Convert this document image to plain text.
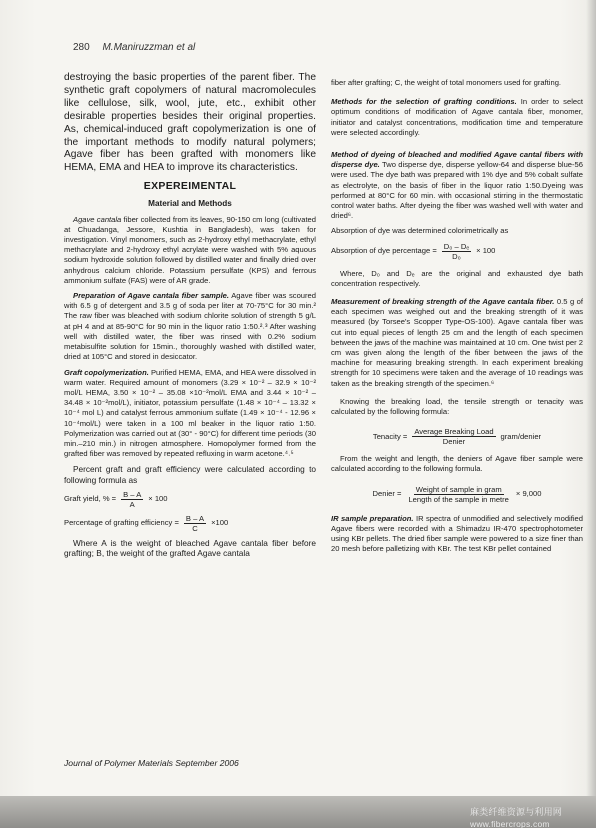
280 M.Maniruzzman et al
destroying the basic properties of the parent fiber. The synthetic graft copolymers of natural macromolecules like cellulose, silk, wool, jute, etc., exhibit other desirable properties besides their original properties. As, chemical-induced graft copolymerization is one of the important methods to modify natural polymers; Agave fiber has been grafted with monomers like HEMA, EMA and HEA to improve its characteristics.
EXPEREIMENTAL
Material and Methods
Agave cantala fiber collected from its leaves, 90-150 cm long (cultivated at Chuadanga, Jessore, Kushtia in Bangladesh), was taken for investigation. Vinyl monomers, such as 2-hydroxy ethyl methacrylate, ethyl methacrylate and 2-hydroxy ethyl acrylate were washed with 5% aquous sodium hydroxide solution followed by distilled water and finally dried over anhydrous calcium chloride. Potassium persulfate (KPS) and ferrous ammonium sulfate (FAS) were of AR grade.
Preparation of Agave cantala fiber sample. Agave fiber was scoured with 6.5 g of detergent and 3.5 g of soda per liter at 70-75°C for 30 min.² The raw fiber was bleached with sodium chlorite solution of strength 5 g/L at pH 4 and at 85-90°C for 90 min in the liquor ratio 1:50.²˒³ After washing well with distilled water, the fiber was rinsed with 0.2% sodium metabisulfite solution for 15min., thoroughly washed with distilled water, dried at 105°C and stored in desiccator.
Graft copolymerization. Purified HEMA, EMA, and HEA were dissolved in warm water. Required amount of monomers (3.29 × 10⁻² – 32.9 × 10⁻² mol/L HEMA, 3.50 × 10⁻² – 35.08 ×10⁻²mol/L EMA and 3.44 × 10⁻² – 34.48 × 10⁻²mol/L), initiator, potassium persulfate (1.48 × 10⁻⁴ – 13.32 × 10⁻⁴ mol L) and catalyst ferrous ammonium sulfate (1.49 × 10⁻⁴ - 12.96 × 10⁻⁴mol/L) were taken in a 100 ml beaker in the liquor ratio 1:50. Polymerization was carried out at (30° - 90°C) for different time periods (30 min.–210 min.) in nitrogen atmosphere. Homopolymer formed from the grafted fiber was removed by repeated refluxing in warm acetone.⁴˒⁵
Percent graft and graft efficiency were calculated according to following formula as
Graft yield, % = $\frac{B - A}{A} \times 100$
Percentage of grafting efficiency = $\frac{B - A}{C} \times 100$
Where A is the weight of bleached Agave cantala fiber before grafting; B, the weight of the grafted Agave cantala
fiber after grafting; C, the weight of total monomers used for grafting.
Methods for the selection of grafting conditions. In order to select optimum conditions of modification of Agave cantala fiber, monomer, initiator and catalyst concentrations, modification time and temperature were selected accordingly.
Method of dyeing of bleached and modified Agave cantal fibers with disperse dye. Two disperse dye, disperse yellow-64 and disperse blue-56 were used. The dye bath was prepared with 1% dye and 5% cobalt sulfate as electrolyte, on the basis of fiber in the liquor ratio 1:50.Dyeing was performed at 80°C for 60 min. with occasional stirring in the thermostatic control water baths. After dyeing the fiber was washed well with water and dried⁶.
Absorption of dye was determined colorimetrically as
Absorption of dye percentage = $\frac{\text{D₀ – Dₑ}}{\text{D₀}} \times 100$
Where, D₀ and Dₑ are the original and exhausted dye bath concentration respectively.
Measurement of breaking strength of the Agave cantala fiber. 0.5 g of each specimen was weighed out and the breaking strength of it was measured (by Torsee's Scopper Type-OS-100). Agave cantala fiber was cut into equal pieces of length 25 cm and the length of each specimen between the jaws of the machine was maintained at 10 cm. One twist per 2 cm was given along the length of the fiber between the jaws of the machine for measuring breaking strength. In each experiment breaking strength for 10 specimens were taken and the average of 10 readings was taken as the breaking strength of the specimen.⁶
Knowing the breaking load, the tensile strength or tenacity was calculated by the following formula:
Tenacity = $\frac{\text{Average Breaking Load}}{\text{Denier}}$ gram/denier
From the weight and length, the deniers of Agave fiber sample were calculated according to the following formula.
Denier = $\frac{\text{Weight of sample in gram}}{\text{Length of the sample in metre}} \times 9,000$
IR sample preparation. IR spectra of unmodified and selectively modified Agave fibers were recorded with a Shimadzu IR-470 spectrophotometer using KBr pellets. The dried fiber sample were powered to a size finer than 20 mesh before palletizing with KBr. The test KBr pellet contained
Journal of Polymer Materials September 2006
麻类纤维资源与利用网
www.fibercrops.com
